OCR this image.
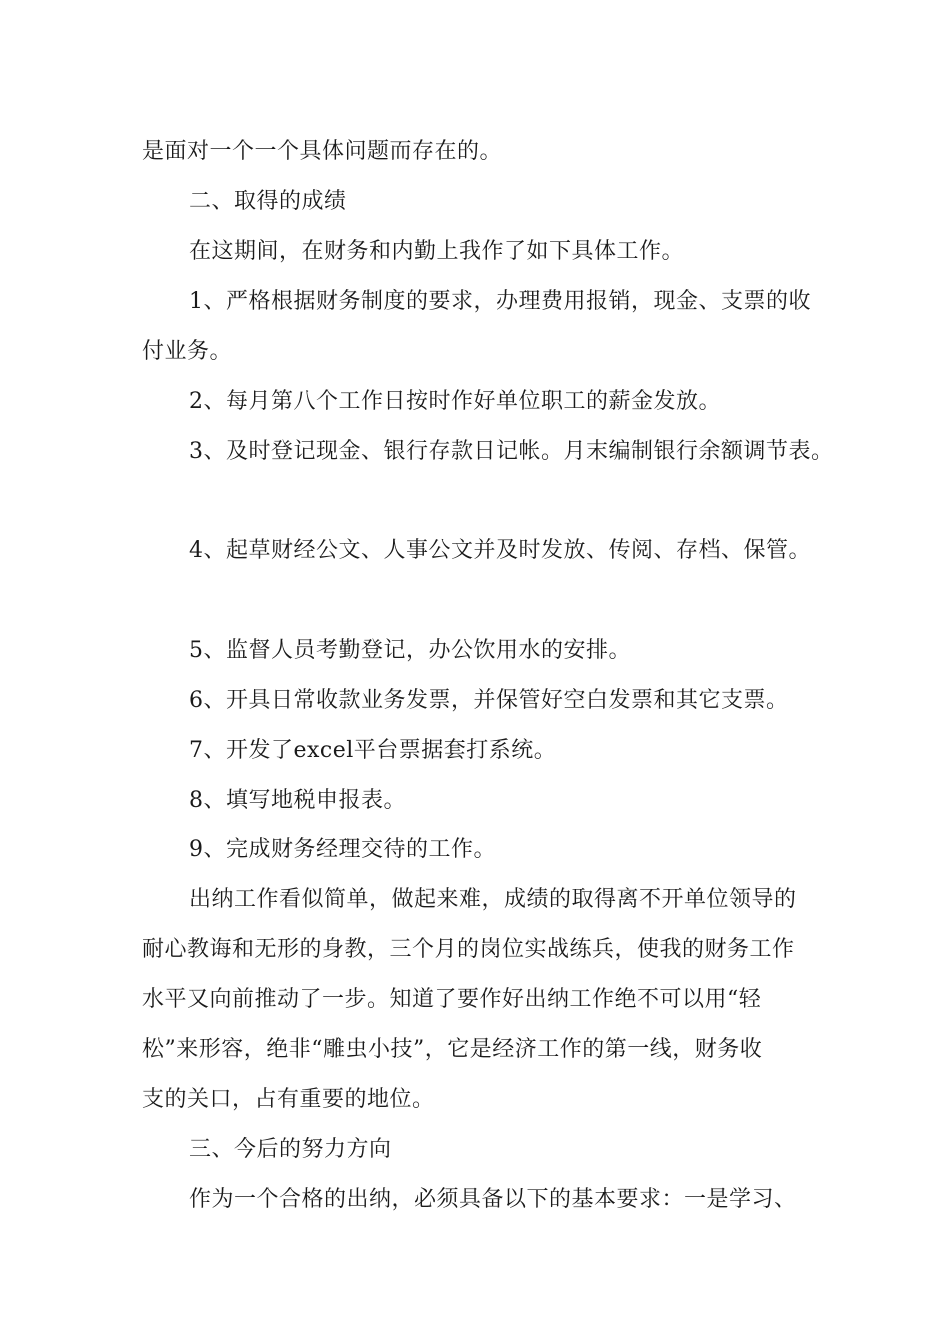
是面对一个一个具体问题而存在的。
二、取得的成绩
在这期间，在财务和内勤上我作了如下具体工作。
1、严格根据财务制度的要求，办理费用报销，现金、支票的收
付业务。
2、每月第八个工作日按时作好单位职工的薪金发放。
3、及时登记现金、银行存款日记帐。月末编制银行余额调节表。
4、起草财经公文、人事公文并及时发放、传阅、存档、保管。
5、监督人员考勤登记，办公饮用水的安排。
6、开具日常收款业务发票，并保管好空白发票和其它支票。
7、开发了excel平台票据套打系统。
8、填写地税申报表。
9、完成财务经理交待的工作。
出纳工作看似简单，做起来难，成绩的取得离不开单位领导的
耐心教诲和无形的身教，三个月的岗位实战练兵，使我的财务工作
水平又向前推动了一步。知道了要作好出纳工作绝不可以用“轻
松”来形容，绝非“雕虫小技”，它是经济工作的第一线，财务收
支的关口，占有重要的地位。
三、今后的努力方向
作为一个合格的出纳，必须具备以下的基本要求：一是学习、
